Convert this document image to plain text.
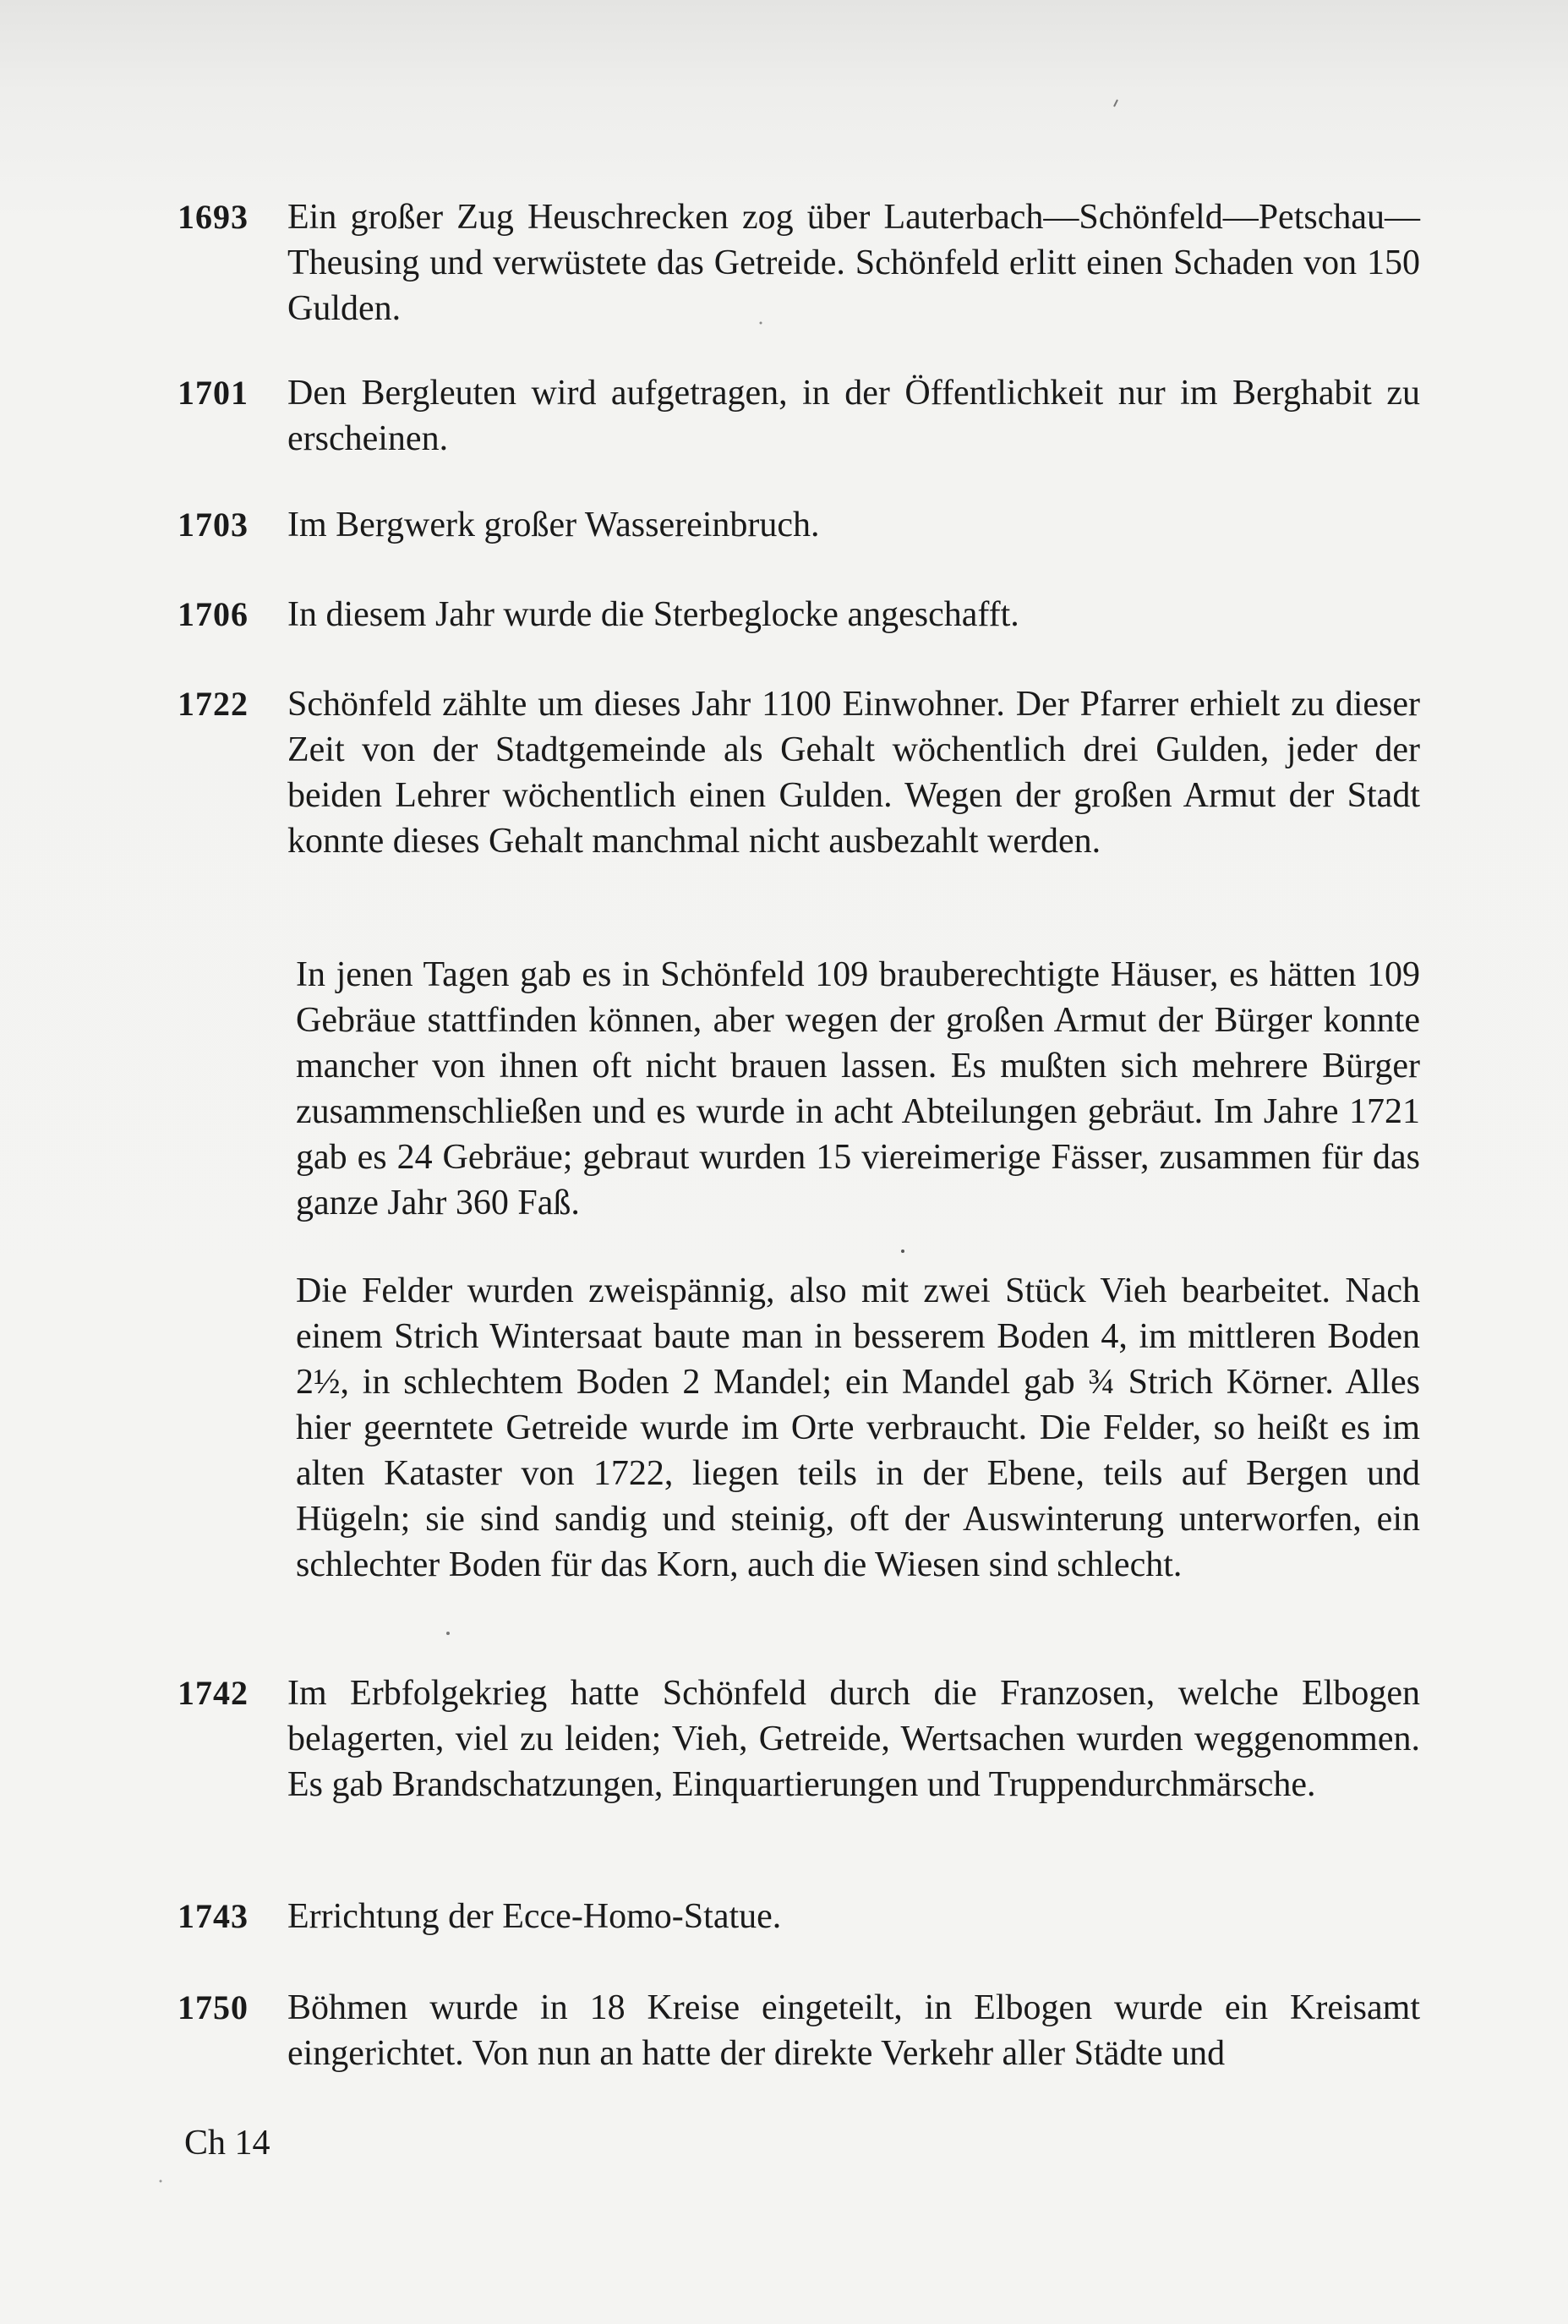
1693	Ein großer Zug Heuschrecken zog über Lauterbach—Schönfeld—Petschau—Theusing und verwüstete das Getreide. Schönfeld erlitt einen Schaden von 150 Gulden.
1701	Den Bergleuten wird aufgetragen, in der Öffentlichkeit nur im Berghabit zu erscheinen.
1703	Im Bergwerk großer Wassereinbruch.
1706	In diesem Jahr wurde die Sterbeglocke angeschafft.
1722	Schönfeld zählte um dieses Jahr 1100 Einwohner. Der Pfarrer erhielt zu dieser Zeit von der Stadtgemeinde als Gehalt wöchentlich drei Gulden, jeder der beiden Lehrer wöchentlich einen Gulden. Wegen der großen Armut der Stadt konnte dieses Gehalt manchmal nicht ausbezahlt werden.
In jenen Tagen gab es in Schönfeld 109 brauberechtigte Häuser, es hätten 109 Gebräue stattfinden können, aber wegen der großen Armut der Bürger konnte mancher von ihnen oft nicht brauen lassen. Es mußten sich mehrere Bürger zusammenschließen und es wurde in acht Abteilungen gebräut. Im Jahre 1721 gab es 24 Gebräue; gebraut wurden 15 viereimerige Fässer, zusammen für das ganze Jahr 360 Faß.
Die Felder wurden zweispännig, also mit zwei Stück Vieh bearbeitet. Nach einem Strich Wintersaat baute man in besserem Boden 4, im mittleren Boden 2½, in schlechtem Boden 2 Mandel; ein Mandel gab ¾ Strich Körner. Alles hier geerntete Getreide wurde im Orte verbraucht. Die Felder, so heißt es im alten Kataster von 1722, liegen teils in der Ebene, teils auf Bergen und Hügeln; sie sind sandig und steinig, oft der Auswinterung unterworfen, ein schlechter Boden für das Korn, auch die Wiesen sind schlecht.
1742	Im Erbfolgekrieg hatte Schönfeld durch die Franzosen, welche Elbogen belagerten, viel zu leiden; Vieh, Getreide, Wertsachen wurden weggenommen. Es gab Brandschatzungen, Einquartierungen und Truppendurchmärsche.
1743	Errichtung der Ecce-Homo-Statue.
1750	Böhmen wurde in 18 Kreise eingeteilt, in Elbogen wurde ein Kreisamt eingerichtet. Von nun an hatte der direkte Verkehr aller Städte und
Ch 14
